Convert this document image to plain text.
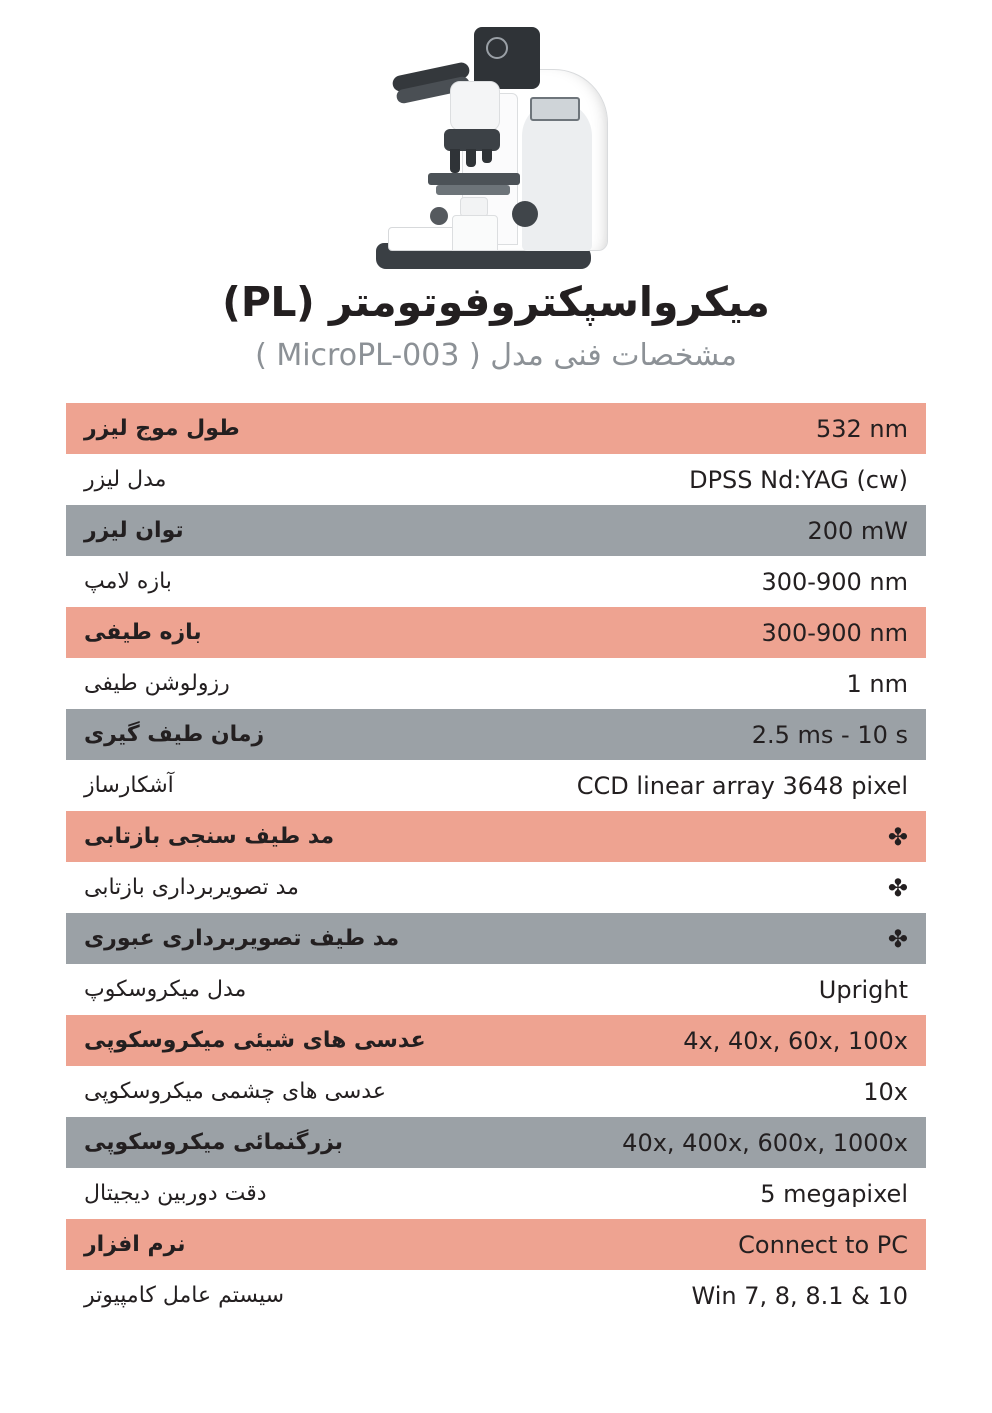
میکرواسپکتروفوتومتر (PL)
مشخصات فنی مدل ( MicroPL-003 )
532 nm	طول موج لیزر
DPSS Nd:YAG (cw)	مدل لیزر
200 mW	توان لیزر
300-900 nm	بازه لامپ
300-900 nm	بازه طیفی
1 nm	رزولوشن طیفی
2.5 ms - 10 s	زمان طیف گیری
CCD linear array 3648 pixel	آشکارساز
✤	مد طیف سنجی بازتابی
✤	مد تصویربرداری بازتابی
✤	مد طیف تصویربرداری عبوری
Upright	مدل میکروسکوپ
4x, 40x, 60x, 100x	عدسی های شیئی میکروسکوپی
10x	عدسی های چشمی میکروسکوپی
40x, 400x, 600x, 1000x	بزرگنمائی میکروسکوپی
5 megapixel	دقت دوربین دیجیتال
Connect to PC	نرم افزار
Win 7, 8, 8.1 & 10	سیستم عامل کامپیوتر
